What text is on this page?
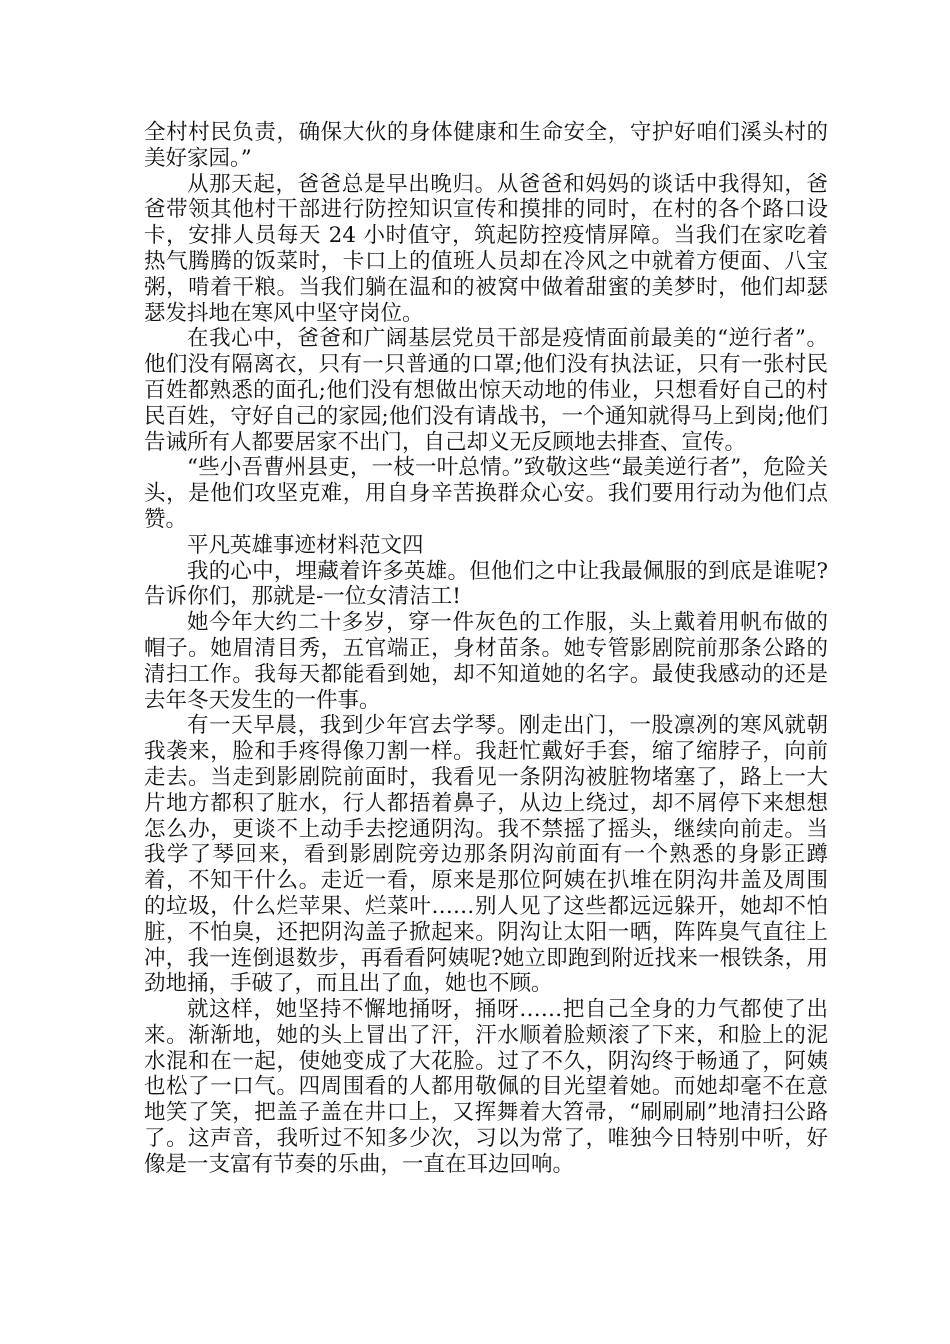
全村村民负责，确保大伙的身体健康和生命安全，守护好咱们溪头村的美好家园。”

从那天起，爸爸总是早出晚归。从爸爸和妈妈的谈话中我得知，爸爸带领其他村干部进行防控知识宣传和摸排的同时，在村的各个路口设卡，安排人员每天 24 小时值守，筑起防控疫情屏障。当我们在家吃着热气腾腾的饭菜时，卡口上的值班人员却在冷风之中就着方便面、八宝粥，啃着干粮。当我们躺在温和的被窝中做着甜蜜的美梦时，他们却瑟瑟发抖地在寒风中坚守岗位。

在我心中，爸爸和广阔基层党员干部是疫情面前最美的“逆行者”。他们没有隔离衣，只有一只普通的口罩;他们没有执法证，只有一张村民百姓都熟悉的面孔;他们没有想做出惊天动地的伟业，只想看好自己的村民百姓，守好自己的家园;他们没有请战书，一个通知就得马上到岗;他们告诫所有人都要居家不出门，自己却义无反顾地去排查、宣传。

“些小吾曹州县吏，一枝一叶总情。”致敬这些“最美逆行者”，危险关头，是他们攻坚克难，用自身辛苦换群众心安。我们要用行动为他们点赞。

平凡英雄事迹材料范文四

我的心中，埋藏着许多英雄。但他们之中让我最佩服的到底是谁呢?告诉你们，那就是-一位女清洁工!

她今年大约二十多岁，穿一件灰色的工作服，头上戴着用帆布做的帽子。她眉清目秀，五官端正，身材苗条。她专管影剧院前那条公路的清扫工作。我每天都能看到她，却不知道她的名字。最使我感动的还是去年冬天发生的一件事。

有一天早晨，我到少年宫去学琴。刚走出门，一股凛冽的寒风就朝我袭来，脸和手疼得像刀割一样。我赶忙戴好手套，缩了缩脖子，向前走去。当走到影剧院前面时，我看见一条阴沟被脏物堵塞了，路上一大片地方都积了脏水，行人都捂着鼻子，从边上绕过，却不屑停下来想想怎么办，更谈不上动手去挖通阴沟。我不禁摇了摇头，继续向前走。当我学了琴回来，看到影剧院旁边那条阴沟前面有一个熟悉的身影正蹲着，不知干什么。走近一看，原来是那位阿姨在扒堆在阴沟井盖及周围的垃圾，什么烂苹果、烂菜叶……别人见了这些都远远躲开，她却不怕脏，不怕臭，还把阴沟盖子掀起来。阴沟让太阳一晒，阵阵臭气直往上冲，我一连倒退数步，再看看阿姨呢?她立即跑到附近找来一根铁条，用劲地捅，手破了，而且出了血，她也不顾。

就这样，她坚持不懈地捅呀，捅呀……把自己全身的力气都使了出来。渐渐地，她的头上冒出了汗，汗水顺着脸颊滚了下来，和脸上的泥水混和在一起，使她变成了大花脸。过了不久，阴沟终于畅通了，阿姨也松了一口气。四周围看的人都用敬佩的目光望着她。而她却毫不在意地笑了笑，把盖子盖在井口上，又挥舞着大笤帚，“刷刷刷”地清扫公路了。这声音，我听过不知多少次，习以为常了，唯独今日特别中听，好像是一支富有节奏的乐曲，一直在耳边回响。
